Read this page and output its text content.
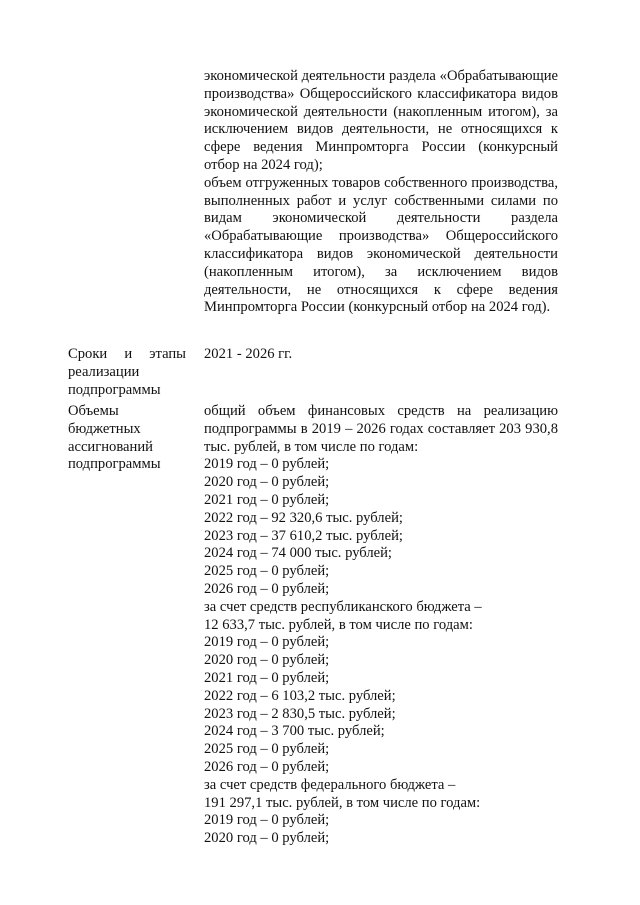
экономической деятельности раздела «Обрабатывающие производства» Общероссийского классификатора видов экономической деятельности (накопленным итогом), за исключением видов деятельности, не относящихся к сфере ведения Минпромторга России (конкурсный отбор на 2024 год);

объем отгруженных товаров собственного производства, выполненных работ и услуг собственными силами по видам экономической деятельности раздела «Обрабатывающие производства» Общероссийского классификатора видов экономической деятельности (накопленным итогом), за исключением видов деятельности, не относящихся к сфере ведения Минпромторга России (конкурсный отбор на 2024 год).

Сроки и этапы реализации подпрограммы

2021 - 2026 гг.

Объемы бюджетных ассигнований подпрограммы

общий объем финансовых средств на реализацию подпрограммы в 2019 – 2026 годах составляет 203 930,8 тыс. рублей, в том числе по годам:

2019 год – 0 рублей;

2020 год – 0 рублей;

2021 год – 0 рублей;

2022 год – 92 320,6 тыс. рублей;

2023 год – 37 610,2 тыс. рублей;

2024 год – 74 000 тыс. рублей;

2025 год – 0 рублей;

2026 год – 0 рублей;

за счет средств республиканского бюджета –

12 633,7 тыс. рублей, в том числе по годам:

2019 год – 0 рублей;

2020 год – 0 рублей;

2021 год – 0 рублей;

2022 год – 6 103,2 тыс. рублей;

2023 год – 2 830,5 тыс. рублей;

2024 год – 3 700 тыс. рублей;

2025 год – 0 рублей;

2026 год – 0 рублей;

за счет средств федерального бюджета –

191 297,1 тыс. рублей, в том числе по годам:

2019 год – 0 рублей;

2020 год – 0 рублей;
